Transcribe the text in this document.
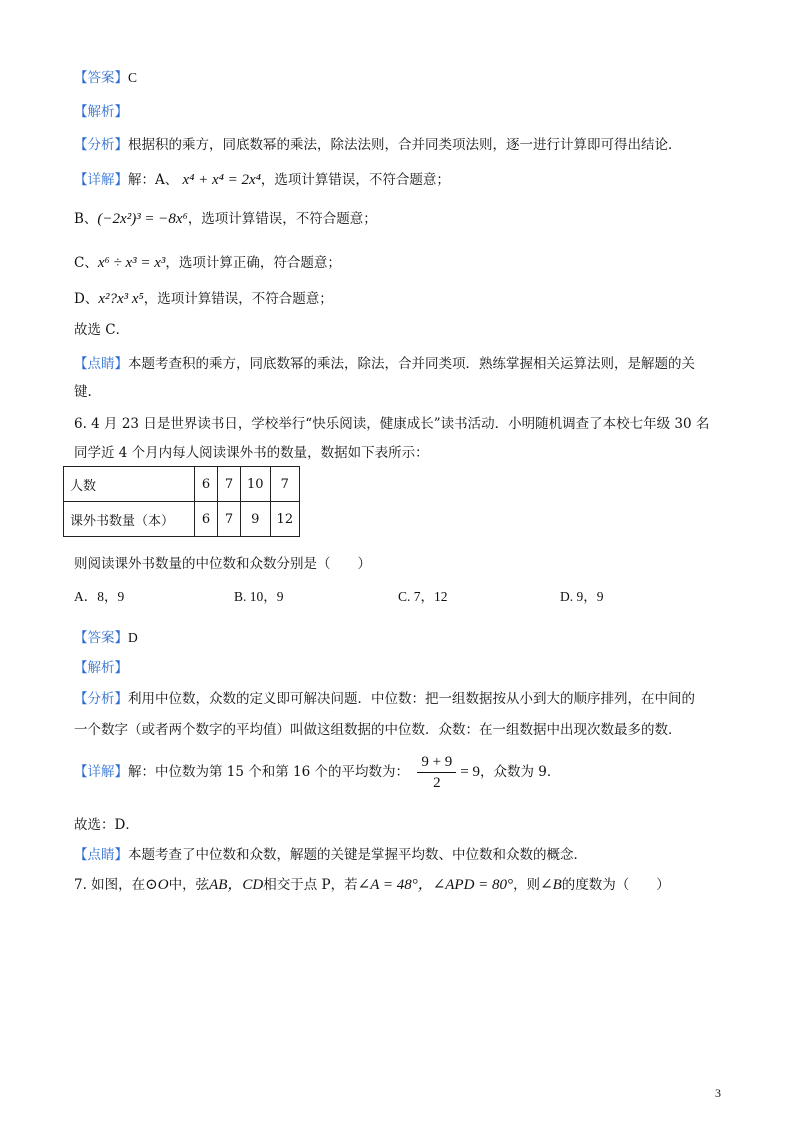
【答案】C
【解析】
【分析】根据积的乘方，同底数幂的乘法，除法法则，合并同类项法则，逐一进行计算即可得出结论．
【详解】解：A、 x⁴ + x⁴ = 2x⁴，选项计算错误，不符合题意；
B、(−2x²)³ = −8x⁶，选项计算错误，不符合题意；
C、x⁶ ÷ x³ = x³，选项计算正确，符合题意；
D、x²?x³ x⁵，选项计算错误，不符合题意；
故选 C．
【点睛】本题考查积的乘方，同底数幂的乘法，除法，合并同类项．熟练掌握相关运算法则，是解题的关
键.
6. 4 月 23 日是世界读书日，学校举行“快乐阅读，健康成长”读书活动．小明随机调查了本校七年级 30 名
同学近 4 个月内每人阅读课外书的数量，数据如下表所示：
人数	6	7	10	7
课外书数量（本）	6	7	9	12
则阅读课外书数量的中位数和众数分别是（　　）
A．8，9	B. 10，9	C. 7，12	D. 9，9
【答案】D
【解析】
【分析】利用中位数，众数的定义即可解决问题．中位数：把一组数据按从小到大的顺序排列，在中间的
一个数字（或者两个数字的平均值）叫做这组数据的中位数．众数：在一组数据中出现次数最多的数．
【详解】解：中位数为第 15 个和第 16 个的平均数为： $\frac{9 + 9}{2} = 9$，众数为 9．
故选：D．
【点睛】本题考查了中位数和众数，解题的关键是掌握平均数、中位数和众数的概念．
7. 如图，在⊙O中，弦AB，CD相交于点 P，若∠A = 48°，∠APD = 80°，则∠B的度数为（　　）
3
